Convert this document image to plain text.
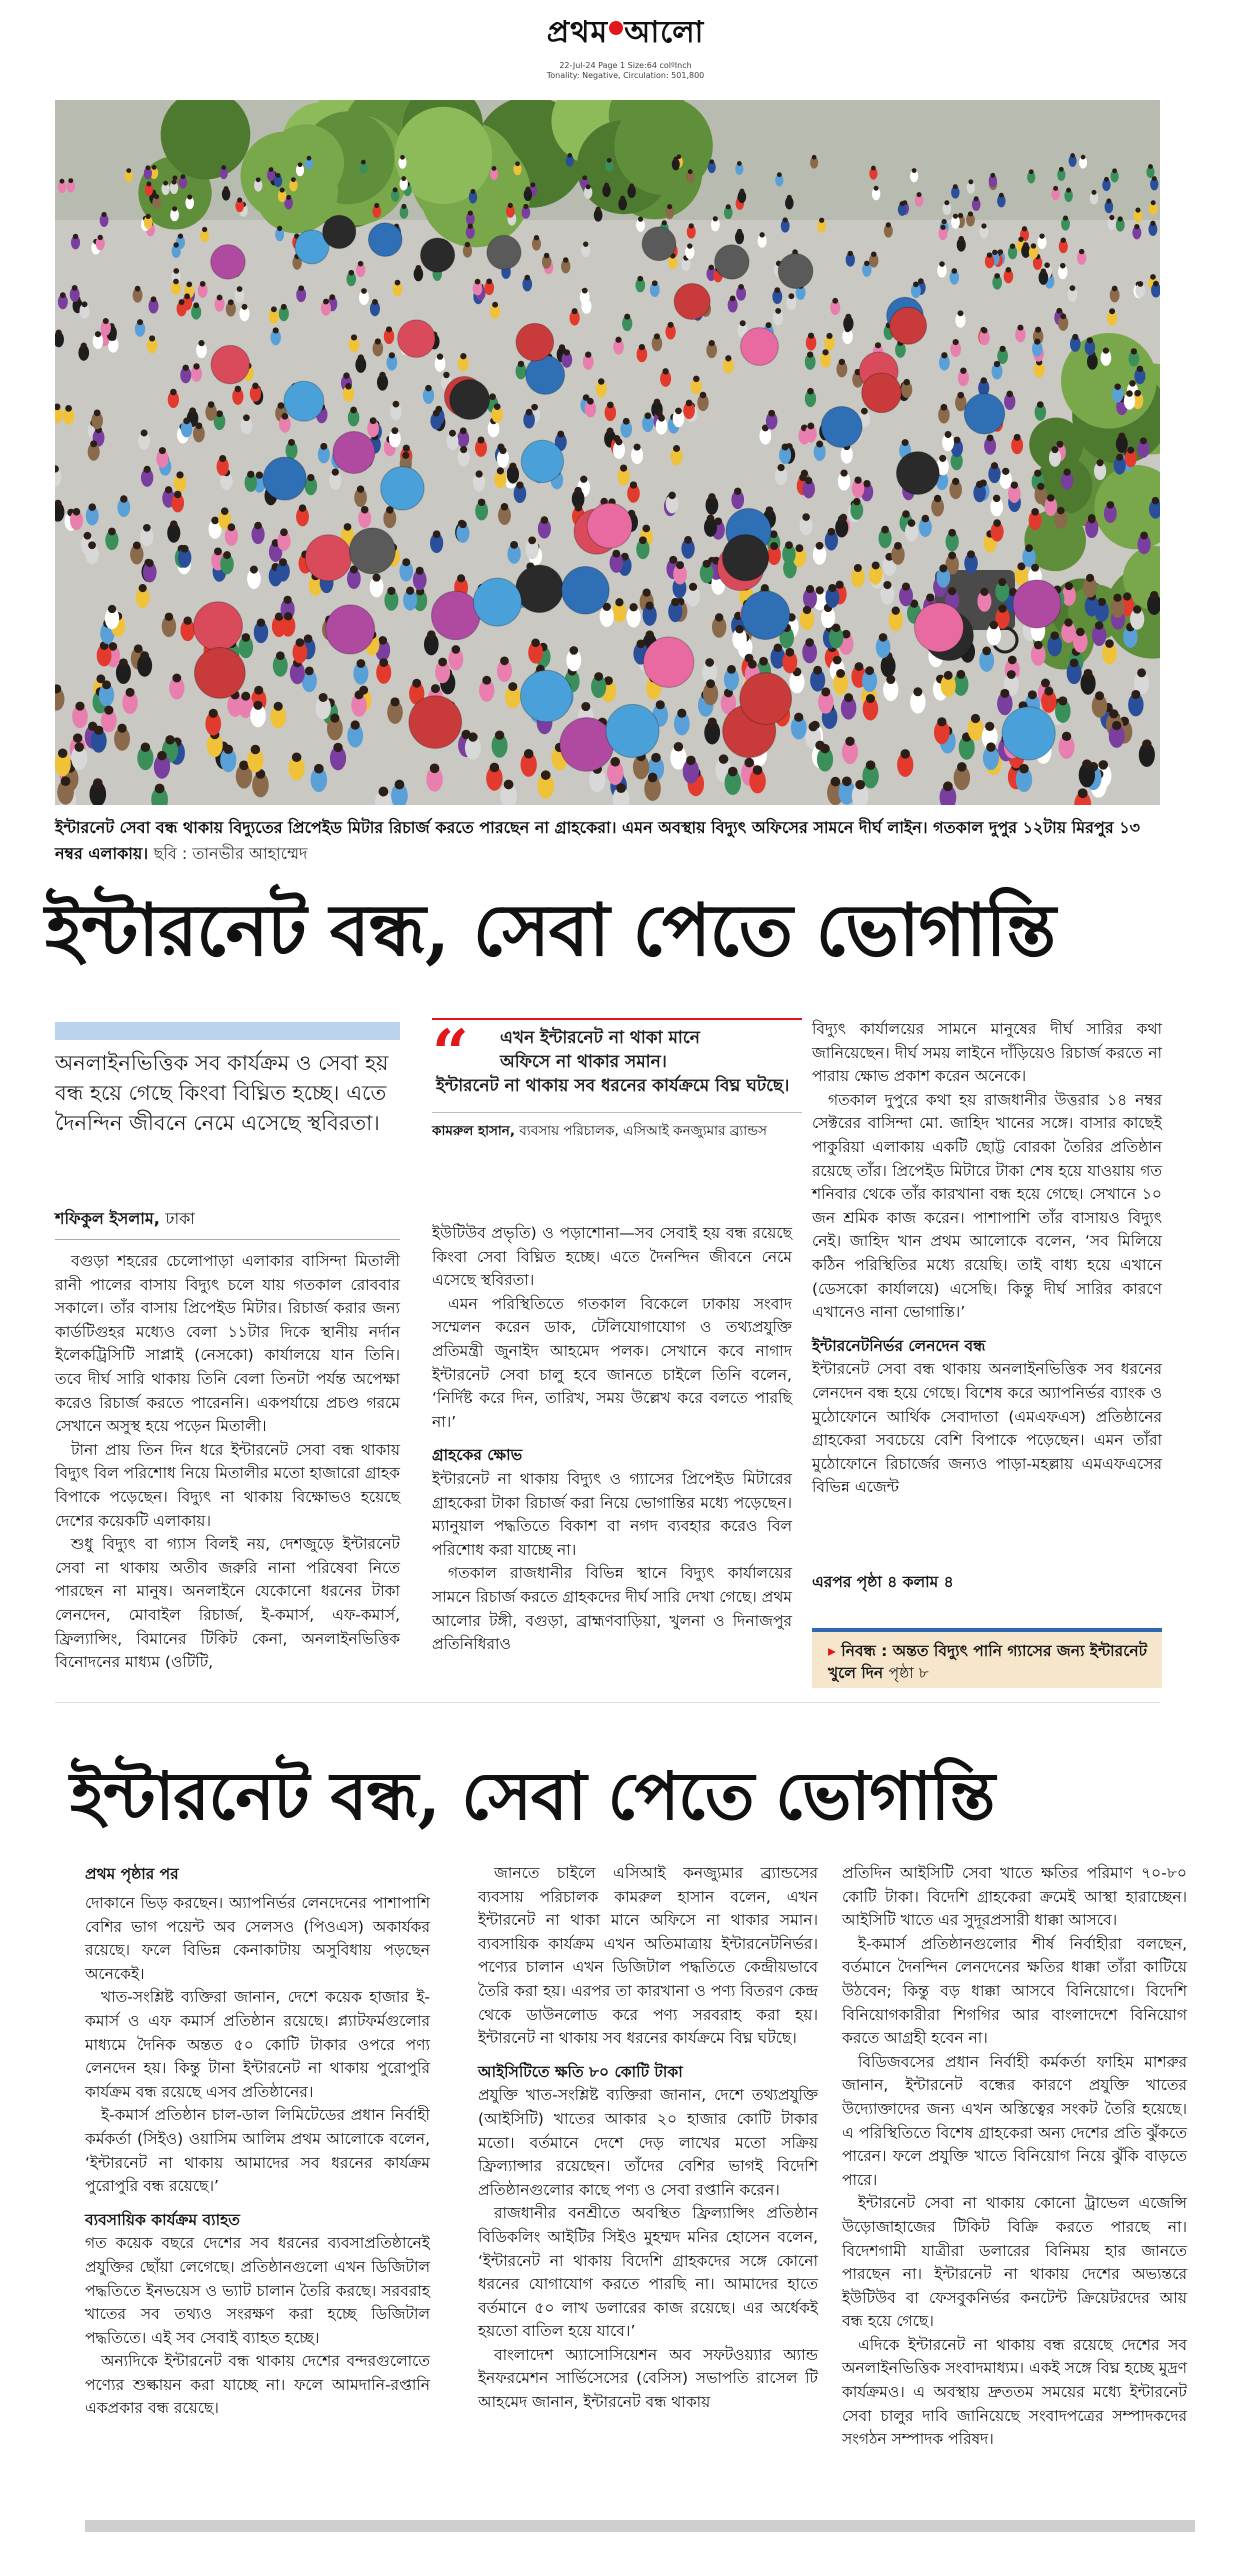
প্রথম আলো
22-Jul-24 Page 1 Size:64 colºInch
Tonality: Negative, Circulation: 501,800
ইন্টারনেট সেবা বন্ধ থাকায় বিদ্যুতের প্রিপেইড মিটার রিচার্জ করতে পারছেন না গ্রাহকেরা। এমন অবস্থায় বিদ্যুৎ অফিসের সামনে দীর্ঘ লাইন। গতকাল দুপুর ১২টায় মিরপুর ১৩ নম্বর এলাকায়। ছবি : তানভীর আহাম্মেদ
ইন্টারনেট বন্ধ, সেবা পেতে ভোগান্তি
অনলাইনভিত্তিক সব কার্যক্রম ও সেবা হয় বন্ধ হয়ে গেছে কিংবা বিঘ্নিত হচ্ছে। এতে দৈনন্দিন জীবনে নেমে এসেছে স্থবিরতা।
শফিকুল ইসলাম, ঢাকা

বগুড়া শহরের চেলোপাড়া এলাকার বাসিন্দা মিতালী রানী পালের বাসায় বিদ্যুৎ চলে যায় গতকাল রোববার সকালে। তাঁর বাসায় প্রিপেইড মিটার। রিচার্জ করার জন্য কার্ডটিগুহর মধ্যেও বেলা ১১টার দিকে স্থানীয় নর্দান ইলেকট্রিসিটি সাপ্লাই (নেসকো) কার্যালয়ে যান তিনি। তবে দীর্ঘ সারি থাকায় তিনি বেলা তিনটা পর্যন্ত অপেক্ষা করেও রিচার্জ করতে পারেননি। একপর্যায়ে প্রচণ্ড গরমে সেখানে অসুস্থ হয়ে পড়েন মিতালী।

টানা প্রায় তিন দিন ধরে ইন্টারনেট সেবা বন্ধ থাকায় বিদ্যুৎ বিল পরিশোধ নিয়ে মিতালীর মতো হাজারো গ্রাহক বিপাকে পড়েছেন। বিদ্যুৎ না থাকায় বিক্ষোভও হয়েছে দেশের কয়েকটি এলাকায়।

শুধু বিদ্যুৎ বা গ্যাস বিলই নয়, দেশজুড়ে ইন্টারনেট সেবা না থাকায় অতীব জরুরি নানা পরিষেবা নিতে পারছেন না মানুষ। অনলাইনে যেকোনো ধরনের টাকা লেনদেন, মোবাইল রিচার্জ, ই-কমার্স, এফ-কমার্স, ফ্রিল্যান্সিং, বিমানের টিকিট কেনা, অনলাইনভিত্তিক বিনোদনের মাধ্যম (ওটিটি,

“	এখন ইন্টারনেট না থাকা মানে
অফিসে না থাকার সমান।
ইন্টারনেট না থাকায় সব ধরনের কার্যক্রমে বিঘ্ন ঘটছে।
কামরুল হাসান, ব্যবসায় পরিচালক, এসিআই কনজ্যুমার ব্র্যান্ডস

ইউটিউব প্রভৃতি) ও পড়াশোনা—সব সেবাই হয় বন্ধ রয়েছে কিংবা সেবা বিঘ্নিত হচ্ছে। এতে দৈনন্দিন জীবনে নেমে এসেছে স্থবিরতা।

এমন পরিস্থিতিতে গতকাল বিকেলে ঢাকায় সংবাদ সম্মেলন করেন ডাক, টেলিযোগাযোগ ও তথ্যপ্রযুক্তি প্রতিমন্ত্রী জুনাইদ আহমেদ পলক। সেখানে কবে নাগাদ ইন্টারনেট সেবা চালু হবে জানতে চাইলে তিনি বলেন, ‘নির্দিষ্ট করে দিন, তারিখ, সময় উল্লেখ করে বলতে পারছি না।’

গ্রাহকের ক্ষোভ

ইন্টারনেট না থাকায় বিদ্যুৎ ও গ্যাসের প্রিপেইড মিটারের গ্রাহকেরা টাকা রিচার্জ করা নিয়ে ভোগান্তির মধ্যে পড়েছেন। ম্যানুয়াল পদ্ধতিতে বিকাশ বা নগদ ব্যবহার করেও বিল পরিশোধ করা যাচ্ছে না।

গতকাল রাজধানীর বিভিন্ন স্থানে বিদ্যুৎ কার্যালয়ের সামনে রিচার্জ করতে গ্রাহকদের দীর্ঘ সারি দেখা গেছে। প্রথম আলোর টঙ্গী, বগুড়া, ব্রাহ্মণবাড়িয়া, খুলনা ও দিনাজপুর প্রতিনিধিরাও

বিদ্যুৎ কার্যালয়ের সামনে মানুষের দীর্ঘ সারির কথা জানিয়েছেন। দীর্ঘ সময় লাইনে দাঁড়িয়েও রিচার্জ করতে না পারায় ক্ষোভ প্রকাশ করেন অনেকে।

গতকাল দুপুরে কথা হয় রাজধানীর উত্তরার ১৪ নম্বর সেক্টরের বাসিন্দা মো. জাহিদ খানের সঙ্গে। বাসার কাছেই পাকুরিয়া এলাকায় একটি ছোট্ট বোরকা তৈরির প্রতিষ্ঠান রয়েছে তাঁর। প্রিপেইড মিটারে টাকা শেষ হয়ে যাওয়ায় গত শনিবার থেকে তাঁর কারখানা বন্ধ হয়ে গেছে। সেখানে ১০ জন শ্রমিক কাজ করেন। পাশাপাশি তাঁর বাসায়ও বিদ্যুৎ নেই। জাহিদ খান প্রথম আলোকে বলেন, ‘সব মিলিয়ে কঠিন পরিস্থিতির মধ্যে রয়েছি। তাই বাধ্য হয়ে এখানে (ডেসকো কার্যালয়ে) এসেছি। কিন্তু দীর্ঘ সারির কারণে এখানেও নানা ভোগান্তি।’

ইন্টারনেটনির্ভর লেনদেন বন্ধ

ইন্টারনেট সেবা বন্ধ থাকায় অনলাইনভিত্তিক সব ধরনের লেনদেন বন্ধ হয়ে গেছে। বিশেষ করে অ্যাপনির্ভর ব্যাংক ও মুঠোফোনে আর্থিক সেবাদাতা (এমএফএস) প্রতিষ্ঠানের গ্রাহকেরা সবচেয়ে বেশি বিপাকে পড়েছেন। এমন তাঁরা মুঠোফোনে রিচার্জের জন্যও পাড়া-মহল্লায় এমএফএসের বিভিন্ন এজেন্ট

এরপর পৃষ্ঠা ৪ কলাম ৪
▸ নিবন্ধ : অন্তত বিদ্যুৎ পানি গ্যাসের জন্য ইন্টারনেট খুলে দিন পৃষ্ঠা ৮
ইন্টারনেট বন্ধ, সেবা পেতে ভোগান্তি
প্রথম পৃষ্ঠার পর

দোকানে ভিড় করছেন। অ্যাপনির্ভর লেনদেনের পাশাপাশি বেশির ভাগ পয়েন্ট অব সেলসও (পিওএস) অকার্যকর রয়েছে। ফলে বিভিন্ন কেনাকাটায় অসুবিধায় পড়ছেন অনেকেই।

খাত-সংশ্লিষ্ট ব্যক্তিরা জানান, দেশে কয়েক হাজার ই-কমার্স ও এফ কমার্স প্রতিষ্ঠান রয়েছে। প্ল্যাটফর্মগুলোর মাধ্যমে দৈনিক অন্তত ৫০ কোটি টাকার ওপরে পণ্য লেনদেন হয়। কিন্তু টানা ইন্টারনেট না থাকায় পুরোপুরি কার্যক্রম বন্ধ রয়েছে এসব প্রতিষ্ঠানের।

ই-কমার্স প্রতিষ্ঠান চাল-ডাল লিমিটেডের প্রধান নির্বাহী কর্মকর্তা (সিইও) ওয়াসিম আলিম প্রথম আলোকে বলেন, ‘ইন্টারনেট না থাকায় আমাদের সব ধরনের কার্যক্রম পুরোপুরি বন্ধ রয়েছে।’

ব্যবসায়িক কার্যক্রম ব্যাহত

গত কয়েক বছরে দেশের সব ধরনের ব্যবসাপ্রতিষ্ঠানেই প্রযুক্তির ছোঁয়া লেগেছে। প্রতিষ্ঠানগুলো এখন ডিজিটাল পদ্ধতিতে ইনভয়েস ও ভ্যাট চালান তৈরি করছে। সরবরাহ খাতের সব তথ্যও সংরক্ষণ করা হচ্ছে ডিজিটাল পদ্ধতিতে। এই সব সেবাই ব্যাহত হচ্ছে।

অন্যদিকে ইন্টারনেট বন্ধ থাকায় দেশের বন্দরগুলোতে পণ্যের শুল্কায়ন করা যাচ্ছে না। ফলে আমদানি-রপ্তানি একপ্রকার বন্ধ রয়েছে।

জানতে চাইলে এসিআই কনজ্যুমার ব্র্যান্ডসের ব্যবসায় পরিচালক কামরুল হাসান বলেন, এখন ইন্টারনেট না থাকা মানে অফিসে না থাকার সমান। ব্যবসায়িক কার্যক্রম এখন অতিমাত্রায় ইন্টারনেটনির্ভর। পণ্যের চালান এখন ডিজিটাল পদ্ধতিতে কেন্দ্রীয়ভাবে তৈরি করা হয়। এরপর তা কারখানা ও পণ্য বিতরণ কেন্দ্র থেকে ডাউনলোড করে পণ্য সরবরাহ করা হয়। ইন্টারনেট না থাকায় সব ধরনের কার্যক্রমে বিঘ্ন ঘটছে।

আইসিটিতে ক্ষতি ৮০ কোটি টাকা

প্রযুক্তি খাত-সংশ্লিষ্ট ব্যক্তিরা জানান, দেশে তথ্যপ্রযুক্তি (আইসিটি) খাতের আকার ২০ হাজার কোটি টাকার মতো। বর্তমানে দেশে দেড় লাখের মতো সক্রিয় ফ্রিল্যান্সার রয়েছেন। তাঁদের বেশির ভাগই বিদেশি প্রতিষ্ঠানগুলোর কাছে পণ্য ও সেবা রপ্তানি করেন।

রাজধানীর বনশ্রীতে অবস্থিত ফ্রিল্যান্সিং প্রতিষ্ঠান বিডিকলিং আইটির সিইও মুহম্মদ মনির হোসেন বলেন, ‘ইন্টারনেট না থাকায় বিদেশি গ্রাহকদের সঙ্গে কোনো ধরনের যোগাযোগ করতে পারছি না। আমাদের হাতে বর্তমানে ৫০ লাখ ডলারের কাজ রয়েছে। এর অর্ধেকই হয়তো বাতিল হয়ে যাবে।’

বাংলাদেশ অ্যাসোসিয়েশন অব সফটওয়্যার অ্যান্ড ইনফরমেশন সার্ভিসেসের (বেসিস) সভাপতি রাসেল টি আহমেদ জানান, ইন্টারনেট বন্ধ থাকায়

প্রতিদিন আইসিটি সেবা খাতে ক্ষতির পরিমাণ ৭০-৮০ কোটি টাকা। বিদেশি গ্রাহকেরা ক্রমেই আস্থা হারাচ্ছেন। আইসিটি খাতে এর সুদূরপ্রসারী ধাক্কা আসবে।

ই-কমার্স প্রতিষ্ঠানগুলোর শীর্ষ নির্বাহীরা বলছেন, বর্তমানে দৈনন্দিন লেনদেনের ক্ষতির ধাক্কা তাঁরা কাটিয়ে উঠবেন; কিন্তু বড় ধাক্কা আসবে বিনিয়োগে। বিদেশি বিনিয়োগকারীরা শিগগির আর বাংলাদেশে বিনিয়োগ করতে আগ্রহী হবেন না।

বিডিজবসের প্রধান নির্বাহী কর্মকর্তা ফাহিম মাশরুর জানান, ইন্টারনেট বন্ধের কারণে প্রযুক্তি খাতের উদ্যোক্তাদের জন্য এখন অস্তিত্বের সংকট তৈরি হয়েছে। এ পরিস্থিতিতে বিশেষ গ্রাহকেরা অন্য দেশের প্রতি ঝুঁকতে পারেন। ফলে প্রযুক্তি খাতে বিনিয়োগ নিয়ে ঝুঁকি বাড়তে পারে।

ইন্টারনেট সেবা না থাকায় কোনো ট্রাভেল এজেন্সি উড়োজাহাজের টিকিট বিক্রি করতে পারছে না। বিদেশগামী যাত্রীরা ডলারের বিনিময় হার জানতে পারছেন না। ইন্টারনেট না থাকায় দেশের অভ্যন্তরে ইউটিউব বা ফেসবুকনির্ভর কনটেন্ট ক্রিয়েটরদের আয় বন্ধ হয়ে গেছে।

এদিকে ইন্টারনেট না থাকায় বন্ধ রয়েছে দেশের সব অনলাইনভিত্তিক সংবাদমাধ্যম। একই সঙ্গে বিঘ্ন হচ্ছে মুদ্রণ কার্যক্রমও। এ অবস্থায় দ্রুততম সময়ের মধ্যে ইন্টারনেট সেবা চালুর দাবি জানিয়েছে সংবাদপত্রের সম্পাদকদের সংগঠন সম্পাদক পরিষদ।
